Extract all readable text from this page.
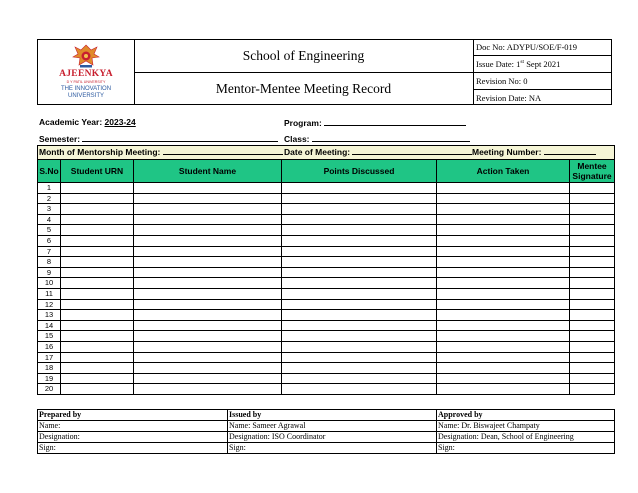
AJEENKYA
D Y PATIL UNIVERSITY
THE INNOVATION
UNIVERSITY
School of Engineering
Mentor-Mentee Meeting Record
Doc No: ADYPU/SOE/F-019
Issue Date: 1st Sept 2021
Revision No: 0
Revision Date: NA
Academic Year: 2023-24	Program:
Semester:	Class:
Month of Mentorship Meeting: Date of Meeting: Meeting Number:					

S.No	Student URN	Student Name	Points Discussed	Action Taken	Mentee Signature
1					
2					
3					
4					
5					
6					
7					
8					
9					
10					
11					
12					
13					
14					
15					
16					
17					
18					
19					
20					
Prepared by	Issued by	Approved by
Name:	Name: Sameer Agrawal	Name: Dr. Biswajeet Champaty
Designation:	Designation: ISO Coordinator	Designation: Dean, School of Engineering
Sign:	Sign:	Sign:
